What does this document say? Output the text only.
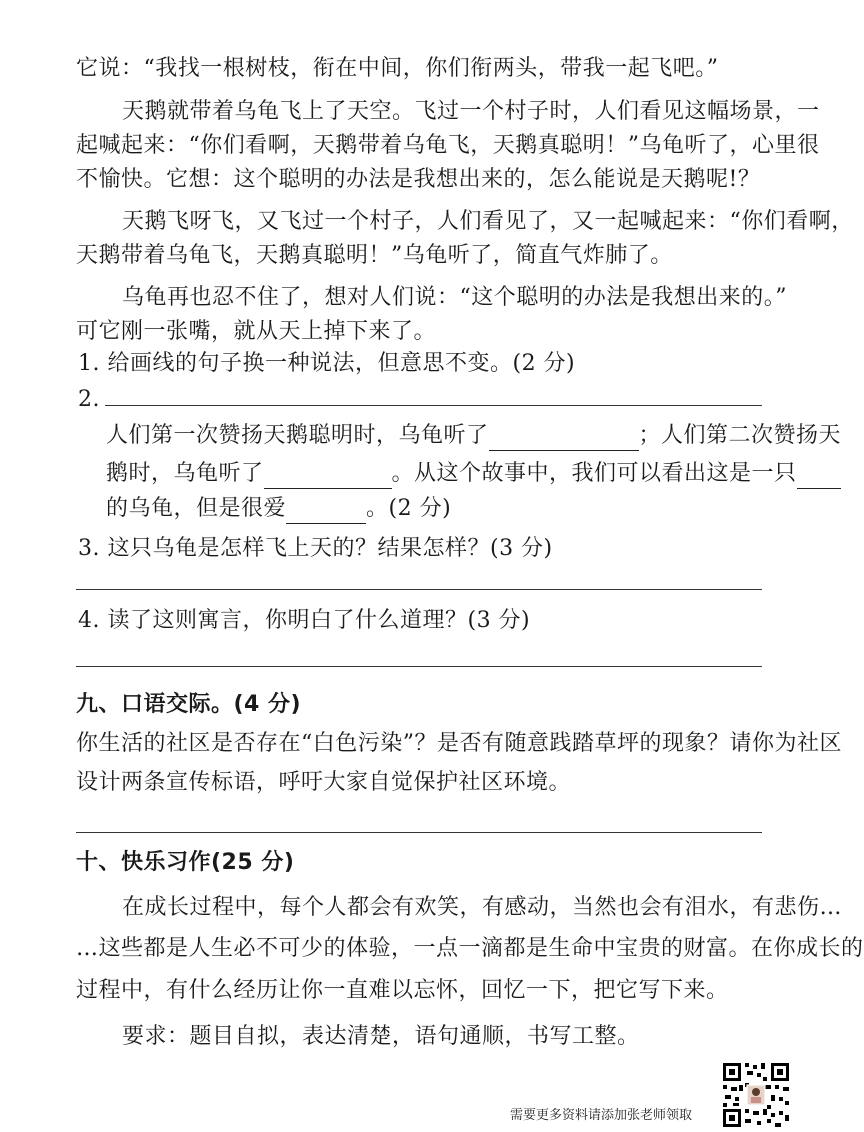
它说：“我找一根树枝，衔在中间，你们衔两头，带我一起飞吧。”
天鹅就带着乌龟飞上了天空。飞过一个村子时，人们看见这幅场景，一
起喊起来：“你们看啊，天鹅带着乌龟飞，天鹅真聪明！”乌龟听了，心里很
不愉快。它想：这个聪明的办法是我想出来的，怎么能说是天鹅呢!？
天鹅飞呀飞，又飞过一个村子，人们看见了，又一起喊起来：“你们看啊，
天鹅带着乌龟飞，天鹅真聪明！”乌龟听了，简直气炸肺了。
乌龟再也忍不住了，想对人们说：“这个聪明的办法是我想出来的。”
可它刚一张嘴，就从天上掉下来了。
1. 给画线的句子换一种说法，但意思不变。(2 分)
2.
人们第一次赞扬天鹅聪明时，乌龟听了	；人们第二次赞扬天
鹅时，乌龟听了	。从这个故事中，我们可以看出这是一只
的乌龟，但是很爱	。(2 分)
3. 这只乌龟是怎样飞上天的？结果怎样？(3 分)
4. 读了这则寓言，你明白了什么道理？(3 分)
九、口语交际。(4 分)
你生活的社区是否存在“白色污染”？是否有随意践踏草坪的现象？请你为社区
设计两条宣传标语，呼吁大家自觉保护社区环境。
十、快乐习作(25 分)
在成长过程中，每个人都会有欢笑，有感动，当然也会有泪水，有悲伤…
…这些都是人生必不可少的体验，一点一滴都是生命中宝贵的财富。在你成长的
过程中，有什么经历让你一直难以忘怀，回忆一下，把它写下来。
要求：题目自拟，表达清楚，语句通顺，书写工整。
需要更多资料请添加张老师领取
